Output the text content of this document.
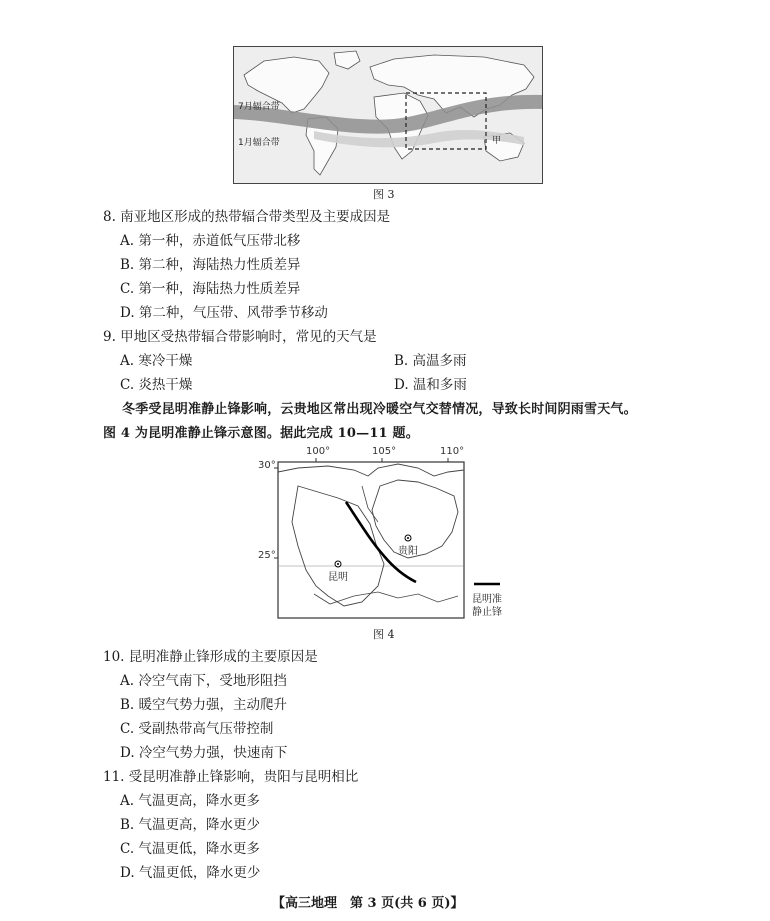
7月辐合带
1月辐合带	甲
图 3
8. 南亚地区形成的热带辐合带类型及主要成因是
A. 第一种，赤道低气压带北移
B. 第二种，海陆热力性质差异
C. 第一种，海陆热力性质差异
D. 第二种，气压带、风带季节移动
9. 甲地区受热带辐合带影响时，常见的天气是
A. 寒冷干燥	B. 高温多雨
C. 炎热干燥	D. 温和多雨
冬季受昆明准静止锋影响，云贵地区常出现冷暖空气交替情况，导致长时间阴雨雪天气。
图 4 为昆明准静止锋示意图。据此完成 10—11 题。
100°	105°	110°
30°
25°	贵阳
昆明
昆明准
静止锋
图 4
10. 昆明准静止锋形成的主要原因是
A. 冷空气南下，受地形阻挡
B. 暖空气势力强，主动爬升
C. 受副热带高气压带控制
D. 冷空气势力强，快速南下
11. 受昆明准静止锋影响，贵阳与昆明相比
A. 气温更高，降水更多
B. 气温更高，降水更少
C. 气温更低，降水更多
D. 气温更低，降水更少
【高三地理　第 3 页(共 6 页)】
